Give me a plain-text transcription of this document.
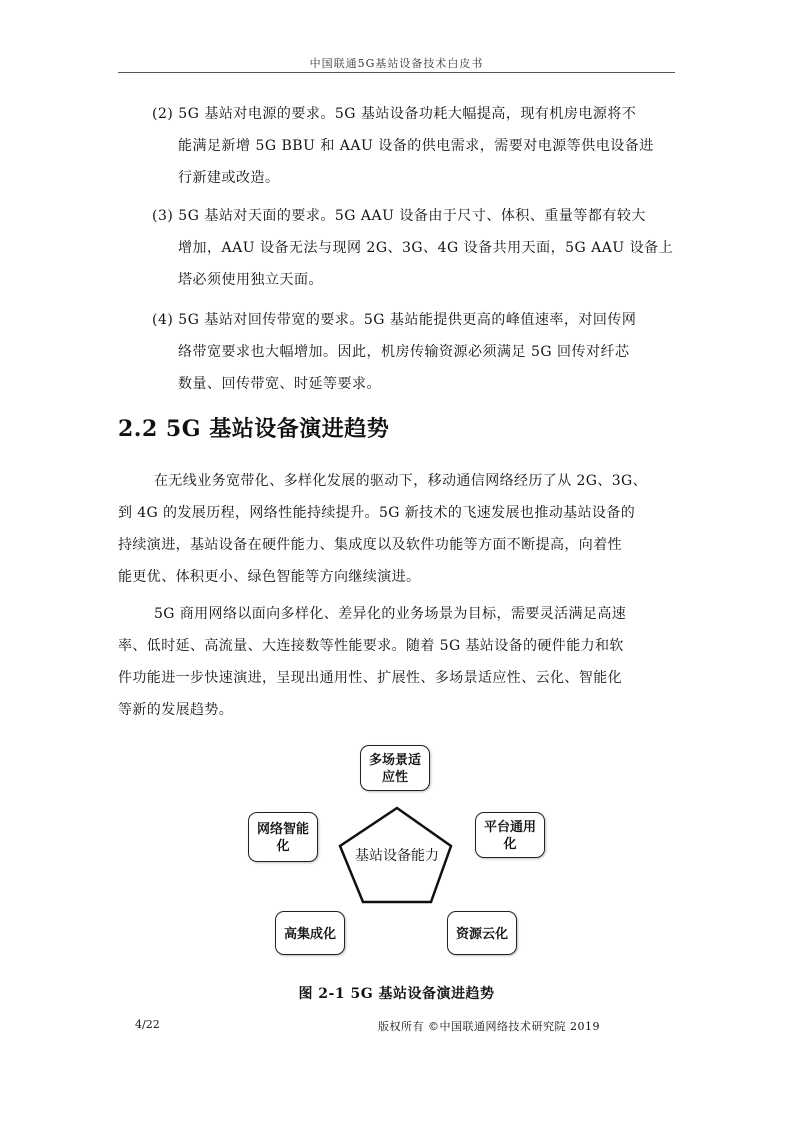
中国联通5G基站设备技术白皮书
(2) 5G 基站对电源的要求。5G 基站设备功耗大幅提高，现有机房电源将不
能满足新增 5G BBU 和 AAU 设备的供电需求，需要对电源等供电设备进
行新建或改造。
(3) 5G 基站对天面的要求。5G AAU 设备由于尺寸、体积、重量等都有较大
增加，AAU 设备无法与现网 2G、3G、4G 设备共用天面，5G AAU 设备上
塔必须使用独立天面。
(4) 5G 基站对回传带宽的要求。5G 基站能提供更高的峰值速率，对回传网
络带宽要求也大幅增加。因此，机房传输资源必须满足 5G 回传对纤芯
数量、回传带宽、时延等要求。
2.2 5G 基站设备演进趋势
在无线业务宽带化、多样化发展的驱动下，移动通信网络经历了从 2G、3G、
到 4G 的发展历程，网络性能持续提升。5G 新技术的飞速发展也推动基站设备的
持续演进，基站设备在硬件能力、集成度以及软件功能等方面不断提高，向着性
能更优、体积更小、绿色智能等方向继续演进。
5G 商用网络以面向多样化、差异化的业务场景为目标，需要灵活满足高速
率、低时延、高流量、大连接数等性能要求。随着 5G 基站设备的硬件能力和软
件功能进一步快速演进，呈现出通用性、扩展性、多场景适应性、云化、智能化
等新的发展趋势。
基站设备能力
多场景适应性
平台通用化
资源云化
高集成化
网络智能化
图 2-1 5G 基站设备演进趋势
4/22	版权所有 ©中国联通网络技术研究院 2019
